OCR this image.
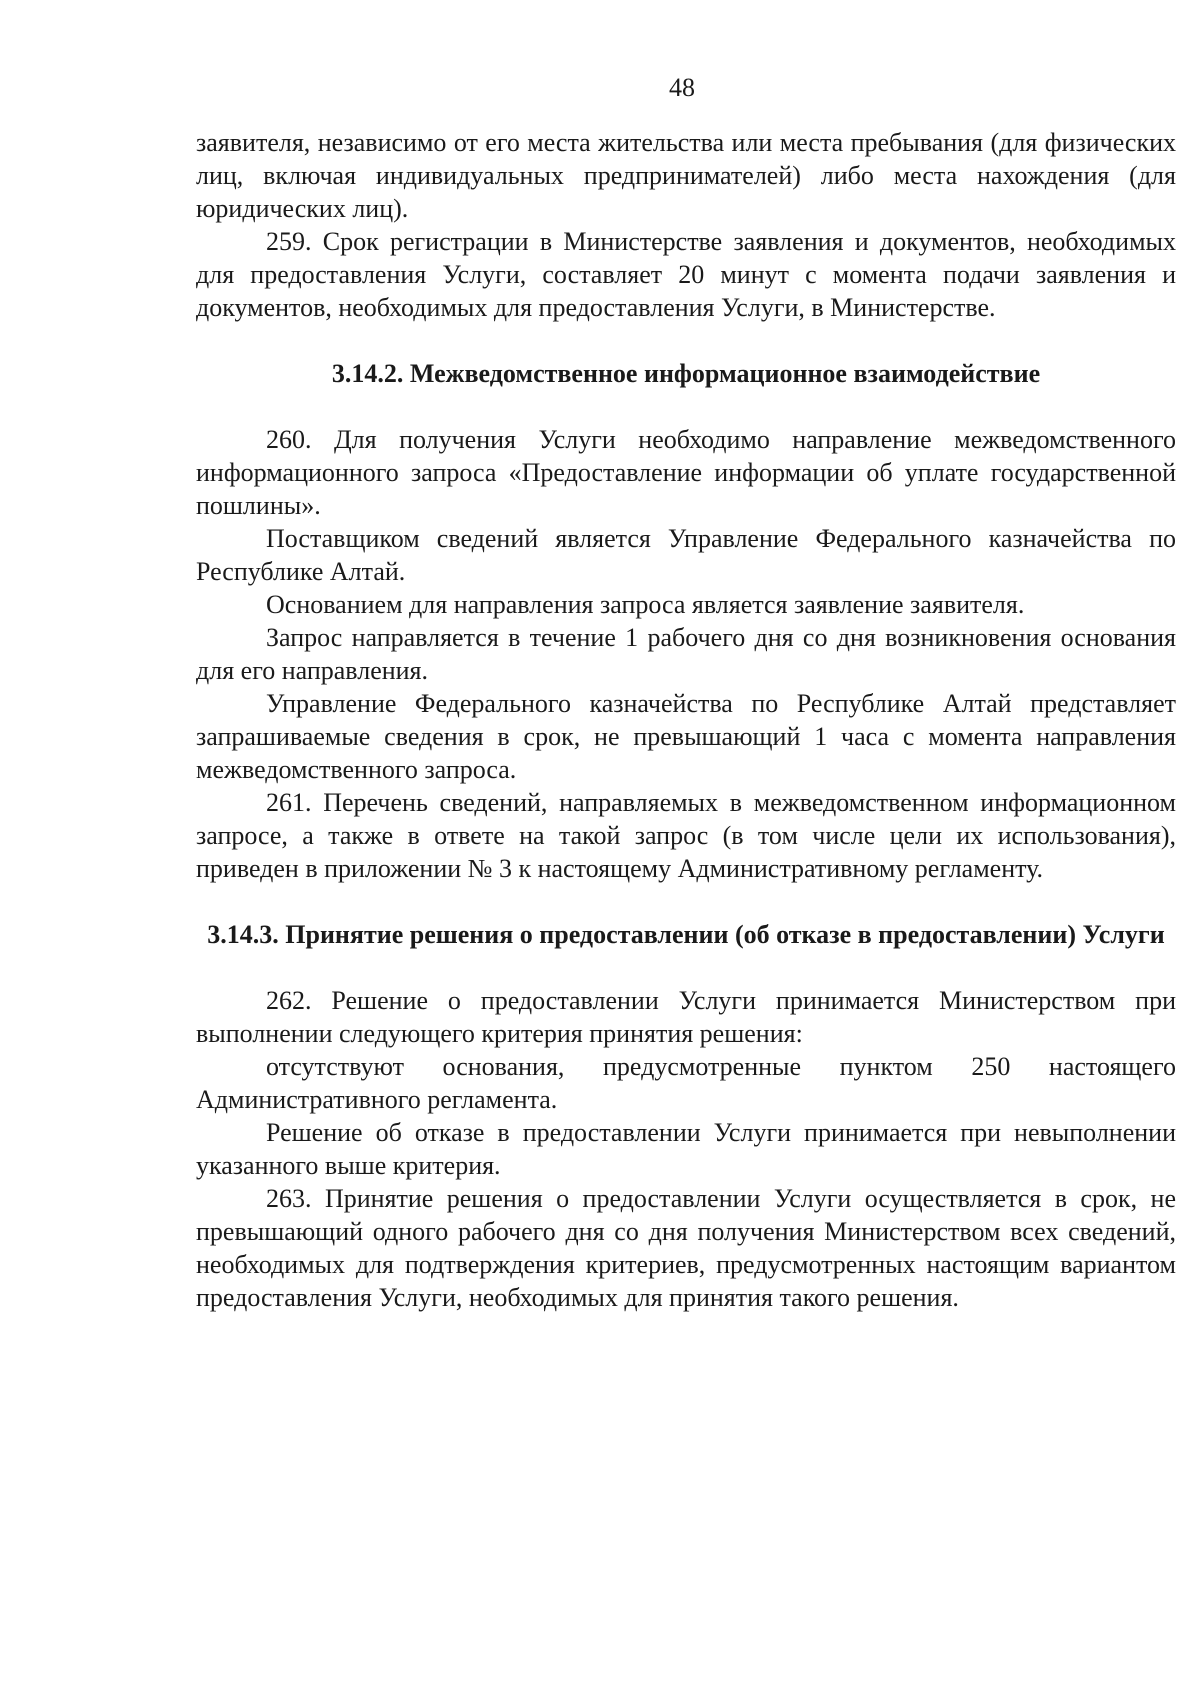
48

заявителя, независимо от его места жительства или места пребывания (для физических лиц, включая индивидуальных предпринимателей) либо места нахождения (для юридических лиц).

259. Срок регистрации в Министерстве заявления и документов, необходимых для предоставления Услуги, составляет 20 минут с момента подачи заявления и документов, необходимых для предоставления Услуги, в Министерстве.

3.14.2. Межведомственное информационное взаимодействие

260. Для получения Услуги необходимо направление межведомственного информационного запроса «Предоставление информации об уплате государственной пошлины».

Поставщиком сведений является Управление Федерального казначейства по Республике Алтай.

Основанием для направления запроса является заявление заявителя.

Запрос направляется в течение 1 рабочего дня со дня возникновения основания для его направления.

Управление Федерального казначейства по Республике Алтай представляет запрашиваемые сведения в срок, не превышающий 1 часа с момента направления межведомственного запроса.

261. Перечень сведений, направляемых в межведомственном информационном запросе, а также в ответе на такой запрос (в том числе цели их использования), приведен в приложении № 3 к настоящему Административному регламенту.

3.14.3. Принятие решения о предоставлении (об отказе в предоставлении) Услуги

262. Решение о предоставлении Услуги принимается Министерством при выполнении следующего критерия принятия решения:

отсутствуют основания, предусмотренные пунктом 250 настоящего Административного регламента.

Решение об отказе в предоставлении Услуги принимается при невыполнении указанного выше критерия.

263. Принятие решения о предоставлении Услуги осуществляется в срок, не превышающий одного рабочего дня со дня получения Министерством всех сведений, необходимых для подтверждения критериев, предусмотренных настоящим вариантом предоставления Услуги, необходимых для принятия такого решения.
